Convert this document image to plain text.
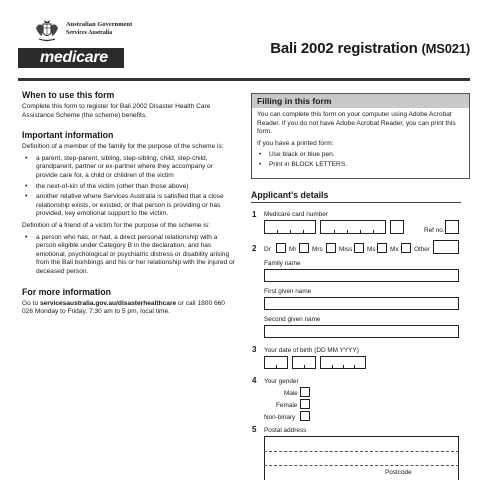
Australian Government
Services Australia
medicare
Bali 2002 registration (MS021)
When to use this form

Complete this form to register for Bali 2002 Disaster Health Care Assistance Scheme (the scheme) benefits.

Important information

Definition of a member of the family for the purpose of the scheme is:

• a parent, step-parent, sibling, step-sibling, child, step-child, grandparent, partner or ex-partner where they accompany or provide care for, a child or children of the victim
• the next-of-kin of the victim (other than those above)
• another relative where Services Australia is satisfied that a close relationship exists, or existed, or that person is providing or has provided, key emotional support to the victim.

Definition of a friend of a victim for the purpose of the scheme is:

• a person who has, or had, a direct personal relationship with a person eligible under Category B in the declaration, and has emotional, psychological or psychiatric distress or disability arising from the Bali bombings and his or her relationship with the injured or deceased person.
For more information

Go to servicesaustralia.gov.au/disasterhealthcare or call 1800 660 026 Monday to Friday, 7:30 am to 5 pm, local time.

Filling in this form

You can complete this form on your computer using Adobe Acrobat Reader. If you do not have Adobe Acrobat Reader, you can print this form.

If you have a printed form:

• Use black or blue pen.
• Print in BLOCK LETTERS.
Applicant's details
1 Medicare card number
Ref no.
2 Dr	Mr Mrs	Miss Ms Mx Other
Family name
First given name
Second given name
3 Your date of birth (DD MM YYYY)
4 Your gender
Male
Female
Non-binary
5 Postal address
Postcode
